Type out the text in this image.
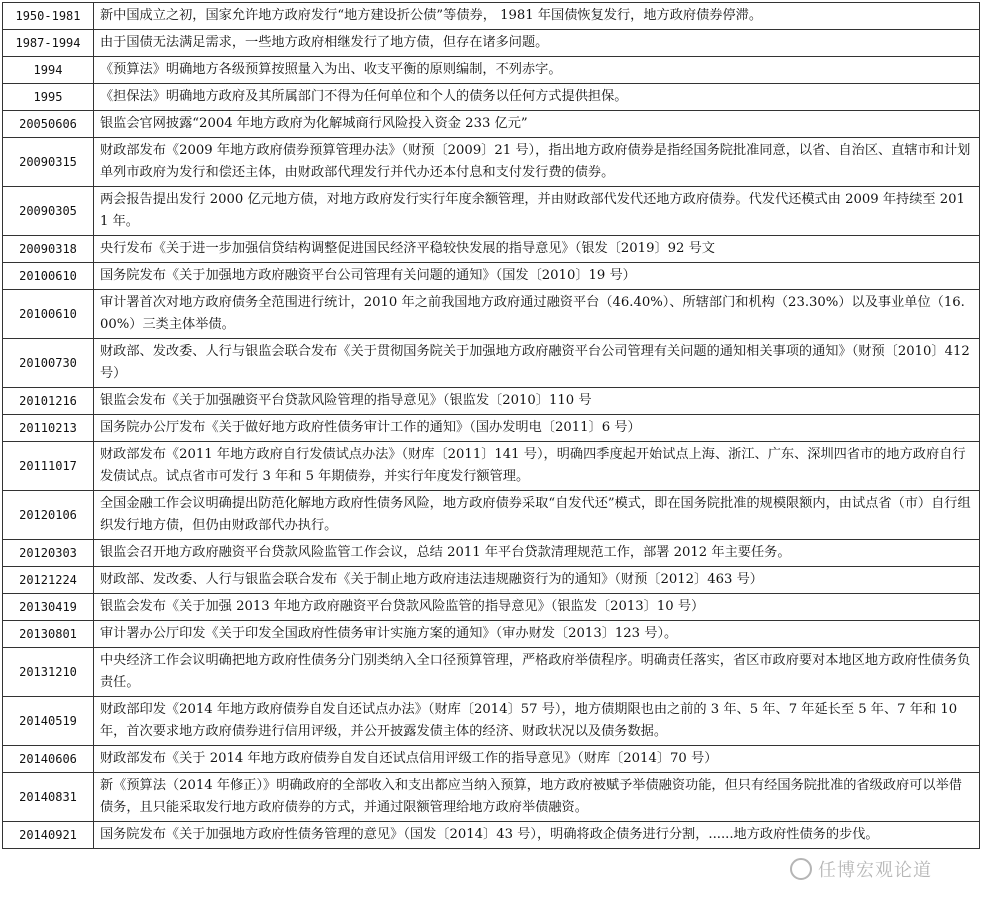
1950-1981	新中国成立之初，国家允许地方政府发行“地方建设折公债”等债券， 1981 年国债恢复发行，地方政府债券停滞。
1987-1994	由于国债无法满足需求，一些地方政府相继发行了地方债，但存在诸多问题。
1994	《预算法》明确地方各级预算按照量入为出、收支平衡的原则编制，不列赤字。
1995	《担保法》明确地方政府及其所属部门不得为任何单位和个人的债务以任何方式提供担保。
20050606	银监会官网披露“2004 年地方政府为化解城商行风险投入资金 233 亿元”
20090315	财政部发布《2009 年地方政府债券预算管理办法》（财预〔2009〕21 号），指出地方政府债券是指经国务院批准同意，以省、自治区、直辖市和计划单列市政府为发行和偿还主体，由财政部代理发行并代办还本付息和支付发行费的债券。
20090305	两会报告提出发行 2000 亿元地方债，对地方政府发行实行年度余额管理，并由财政部代发代还地方政府债券。代发代还模式由 2009 年持续至 2011 年。
20090318	央行发布《关于进一步加强信贷结构调整促进国民经济平稳较快发展的指导意见》（银发〔2019〕92 号文
20100610	国务院发布《关于加强地方政府融资平台公司管理有关问题的通知》（国发〔2010〕19 号）
20100610	审计署首次对地方政府债务全范围进行统计，2010 年之前我国地方政府通过融资平台（46.40%）、所辖部门和机构（23.30%）以及事业单位（16.00%）三类主体举债。
20100730	财政部、发改委、人行与银监会联合发布《关于贯彻国务院关于加强地方政府融资平台公司管理有关问题的通知相关事项的通知》（财预〔2010〕412 号）
20101216	银监会发布《关于加强融资平台贷款风险管理的指导意见》（银监发〔2010〕110 号
20110213	国务院办公厅发布《关于做好地方政府性债务审计工作的通知》（国办发明电〔2011〕6 号）
20111017	财政部发布《2011 年地方政府自行发债试点办法》（财库〔2011〕141 号），明确四季度起开始试点上海、浙江、广东、深圳四省市的地方政府自行发债试点。试点省市可发行 3 年和 5 年期债券，并实行年度发行额管理。
20120106	全国金融工作会议明确提出防范化解地方政府性债务风险，地方政府债券采取“自发代还”模式，即在国务院批准的规模限额内，由试点省（市）自行组织发行地方债，但仍由财政部代办执行。
20120303	银监会召开地方政府融资平台贷款风险监管工作会议，总结 2011 年平台贷款清理规范工作，部署 2012 年主要任务。
20121224	财政部、发改委、人行与银监会联合发布《关于制止地方政府违法违规融资行为的通知》（财预〔2012〕463 号）
20130419	银监会发布《关于加强 2013 年地方政府融资平台贷款风险监管的指导意见》（银监发〔2013〕10 号）
20130801	审计署办公厅印发《关于印发全国政府性债务审计实施方案的通知》（审办财发〔2013〕123 号）。
20131210	中央经济工作会议明确把地方政府性债务分门别类纳入全口径预算管理，严格政府举债程序。明确责任落实，省区市政府要对本地区地方政府性债务负责任。
20140519	财政部印发《2014 年地方政府债券自发自还试点办法》（财库〔2014〕57 号），地方债期限也由之前的 3 年、5 年、7 年延长至 5 年、7 年和 10 年，首次要求地方政府债券进行信用评级，并公开披露发债主体的经济、财政状况以及债务数据。
20140606	财政部发布《关于 2014 年地方政府债券自发自还试点信用评级工作的指导意见》（财库〔2014〕70 号）
20140831	新《预算法（2014 年修正）》明确政府的全部收入和支出都应当纳入预算，地方政府被赋予举债融资功能，但只有经国务院批准的省级政府可以举借债务，且只能采取发行地方政府债券的方式，并通过限额管理给地方政府举债融资。
20140921	国务院发布《关于加强地方政府性债务管理的意见》（国发〔2014〕43 号），明确将政企债务进行分割，......地方政府性债务的步伐。
任博宏观论道
